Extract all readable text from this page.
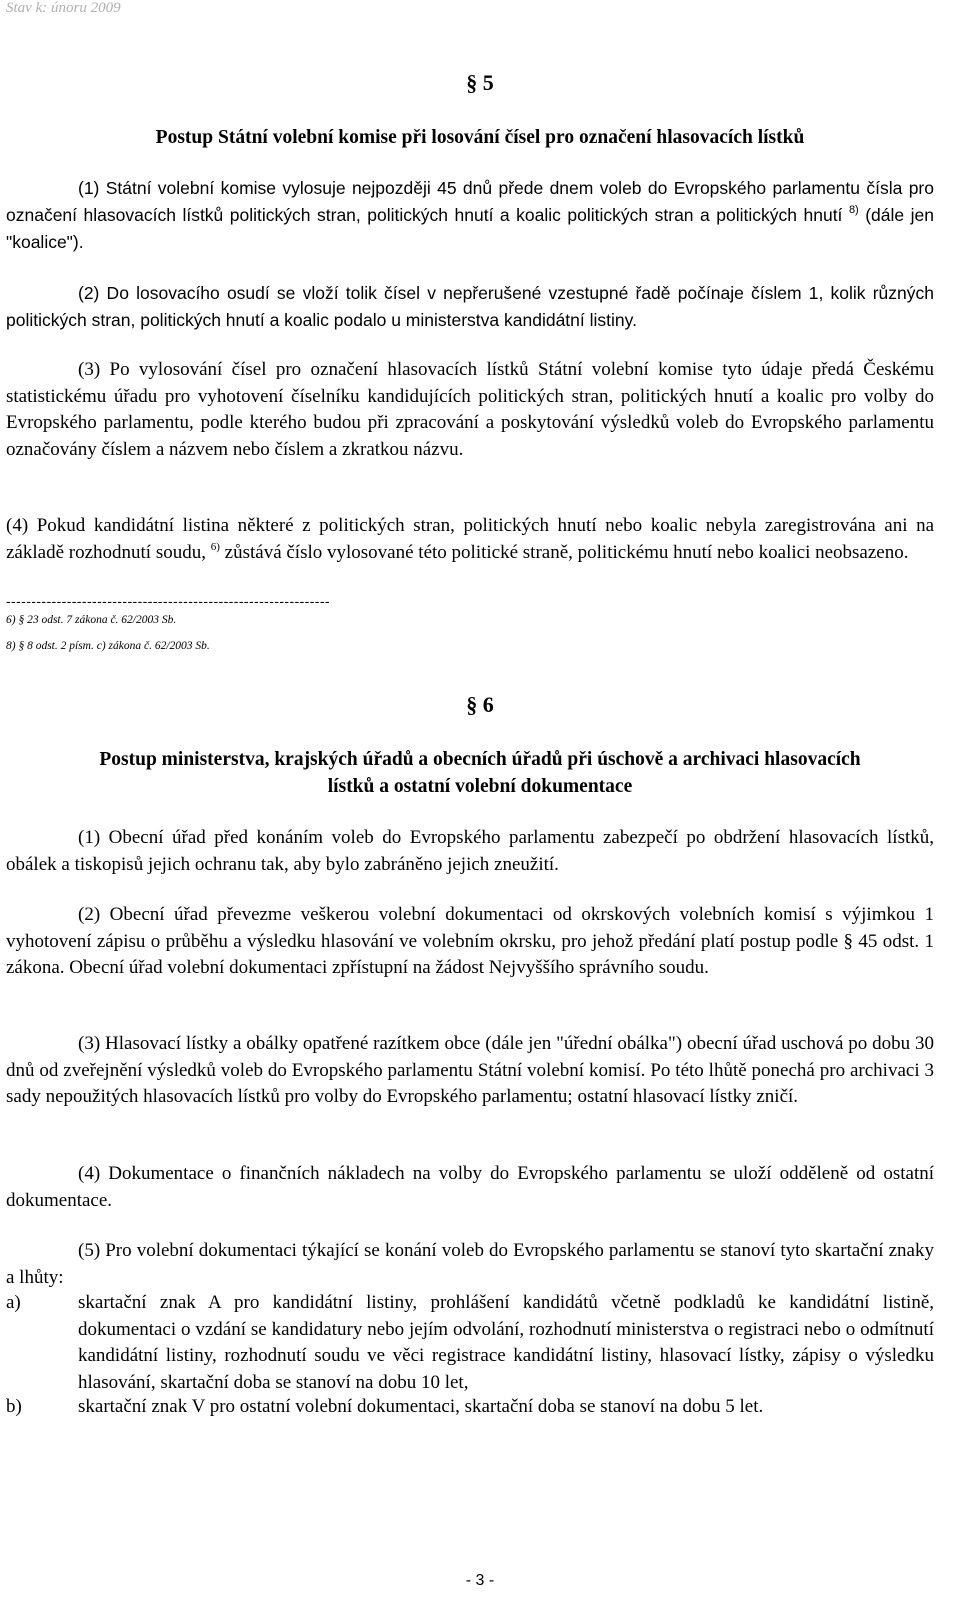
Stav k: únoru 2009
§ 5
Postup Státní volební komise při losování čísel pro označení hlasovacích lístků
(1) Státní volební komise vylosuje nejpozději 45 dnů přede dnem voleb do Evropského parlamentu čísla pro označení hlasovacích lístků politických stran, politických hnutí a koalic politických stran a politických hnutí $^{8)}$ (dále jen "koalice").
(2) Do losovacího osudí se vloží tolik čísel v nepřerušené vzestupné řadě počínaje číslem 1, kolik různých politických stran, politických hnutí a koalic podalo u ministerstva kandidátní listiny.
(3) Po vylosování čísel pro označení hlasovacích lístků Státní volební komise tyto údaje předá Českému statistickému úřadu pro vyhotovení číselníku kandidujících politických stran, politických hnutí a koalic pro volby do Evropského parlamentu, podle kterého budou při zpracování a poskytování výsledků voleb do Evropského parlamentu označovány číslem a názvem nebo číslem a zkratkou názvu.
(4) Pokud kandidátní listina některé z politických stran, politických hnutí nebo koalic nebyla zaregistrována ani na základě rozhodnutí soudu, $^{6)}$ zůstává číslo vylosované této politické straně, politickému hnutí nebo koalici neobsazeno.
----------------------------------------------------------------
6) § 23 odst. 7 zákona č. 62/2003 Sb.
8) § 8 odst. 2 písm. c) zákona č. 62/2003 Sb.
§ 6
Postup ministerstva, krajských úřadů a obecních úřadů při úschově a archivaci hlasovacích
lístků a ostatní volební dokumentace
(1) Obecní úřad před konáním voleb do Evropského parlamentu zabezpečí po obdržení hlasovacích lístků, obálek a tiskopisů jejich ochranu tak, aby bylo zabráněno jejich zneužití.
(2) Obecní úřad převezme veškerou volební dokumentaci od okrskových volebních komisí s výjimkou 1 vyhotovení zápisu o průběhu a výsledku hlasování ve volebním okrsku, pro jehož předání platí postup podle § 45 odst. 1 zákona. Obecní úřad volební dokumentaci zpřístupní na žádost Nejvyššího správního soudu.
(3) Hlasovací lístky a obálky opatřené razítkem obce (dále jen "úřední obálka") obecní úřad uschová po dobu 30 dnů od zveřejnění výsledků voleb do Evropského parlamentu Státní volební komisí. Po této lhůtě ponechá pro archivaci 3 sady nepoužitých hlasovacích lístků pro volby do Evropského parlamentu; ostatní hlasovací lístky zničí.
(4) Dokumentace o finančních nákladech na volby do Evropského parlamentu se uloží odděleně od ostatní dokumentace.
(5) Pro volební dokumentaci týkající se konání voleb do Evropského parlamentu se stanoví tyto skartační znaky a lhůty:
a)	skartační znak A pro kandidátní listiny, prohlášení kandidátů včetně podkladů ke kandidátní listině, dokumentaci o vzdání se kandidatury nebo jejím odvolání, rozhodnutí ministerstva o registraci nebo o odmítnutí kandidátní listiny, rozhodnutí soudu ve věci registrace kandidátní listiny, hlasovací lístky, zápisy o výsledku hlasování, skartační doba se stanoví na dobu 10 let,
b)	skartační znak V pro ostatní volební dokumentaci, skartační doba se stanoví na dobu 5 let.
- 3 -
